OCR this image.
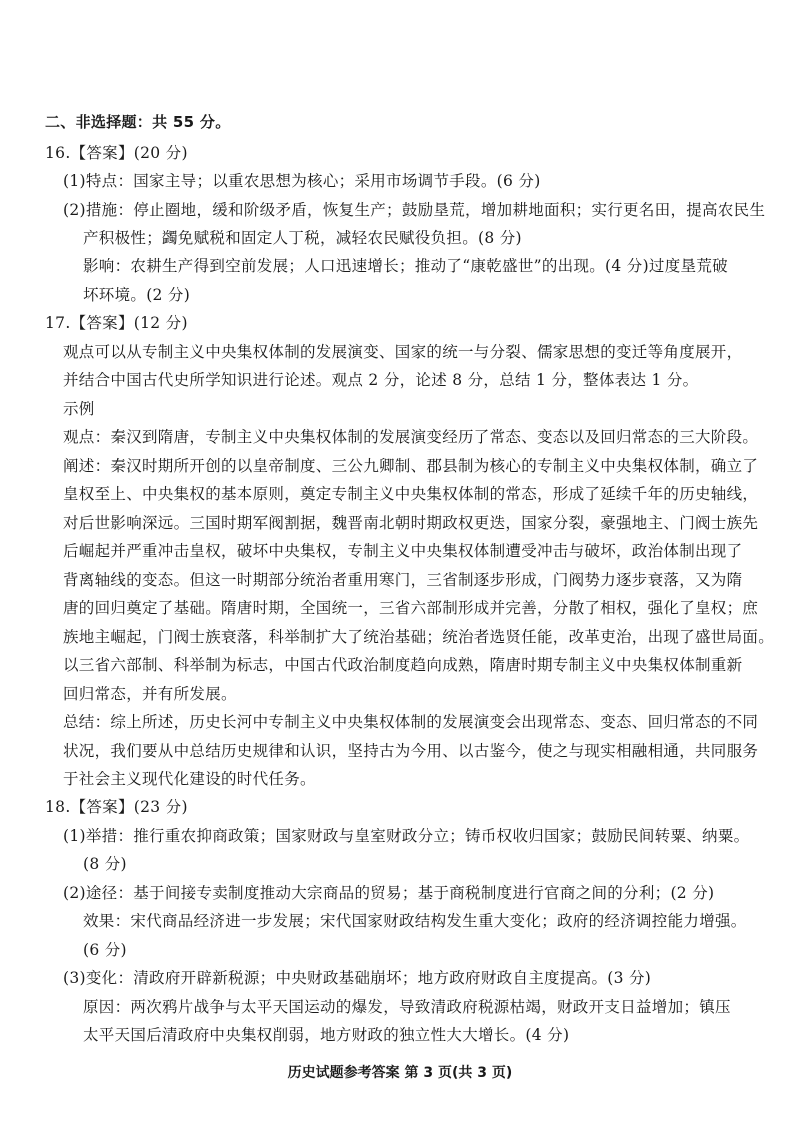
二、非选择题：共 55 分。
16.【答案】(20 分)
(1)特点：国家主导；以重农思想为核心；采用市场调节手段。(6 分)
(2)措施：停止圈地，缓和阶级矛盾，恢复生产；鼓励垦荒，增加耕地面积；实行更名田，提高农民生
产积极性；蠲免赋税和固定人丁税，减轻农民赋役负担。(8 分)
影响：农耕生产得到空前发展；人口迅速增长；推动了“康乾盛世”的出现。(4 分)过度垦荒破
坏环境。(2 分)
17.【答案】(12 分)
观点可以从专制主义中央集权体制的发展演变、国家的统一与分裂、儒家思想的变迁等角度展开，
并结合中国古代史所学知识进行论述。观点 2 分，论述 8 分，总结 1 分，整体表达 1 分。
示例
观点：秦汉到隋唐，专制主义中央集权体制的发展演变经历了常态、变态以及回归常态的三大阶段。
阐述：秦汉时期所开创的以皇帝制度、三公九卿制、郡县制为核心的专制主义中央集权体制，确立了
皇权至上、中央集权的基本原则，奠定专制主义中央集权体制的常态，形成了延续千年的历史轴线，
对后世影响深远。三国时期军阀割据，魏晋南北朝时期政权更迭，国家分裂，豪强地主、门阀士族先
后崛起并严重冲击皇权，破坏中央集权，专制主义中央集权体制遭受冲击与破坏，政治体制出现了
背离轴线的变态。但这一时期部分统治者重用寒门，三省制逐步形成，门阀势力逐步衰落，又为隋
唐的回归奠定了基础。隋唐时期，全国统一，三省六部制形成并完善，分散了相权，强化了皇权；庶
族地主崛起，门阀士族衰落，科举制扩大了统治基础；统治者选贤任能，改革吏治，出现了盛世局面。
以三省六部制、科举制为标志，中国古代政治制度趋向成熟，隋唐时期专制主义中央集权体制重新
回归常态，并有所发展。
总结：综上所述，历史长河中专制主义中央集权体制的发展演变会出现常态、变态、回归常态的不同
状况，我们要从中总结历史规律和认识，坚持古为今用、以古鉴今，使之与现实相融相通，共同服务
于社会主义现代化建设的时代任务。
18.【答案】(23 分)
(1)举措：推行重农抑商政策；国家财政与皇室财政分立；铸币权收归国家；鼓励民间转粟、纳粟。
(8 分)
(2)途径：基于间接专卖制度推动大宗商品的贸易；基于商税制度进行官商之间的分利；(2 分)
效果：宋代商品经济进一步发展；宋代国家财政结构发生重大变化；政府的经济调控能力增强。
(6 分)
(3)变化：清政府开辟新税源；中央财政基础崩坏；地方政府财政自主度提高。(3 分)
原因：两次鸦片战争与太平天国运动的爆发，导致清政府税源枯竭，财政开支日益增加；镇压
太平天国后清政府中央集权削弱，地方财政的独立性大大增长。(4 分)
历史试题参考答案 第 3 页(共 3 页)
